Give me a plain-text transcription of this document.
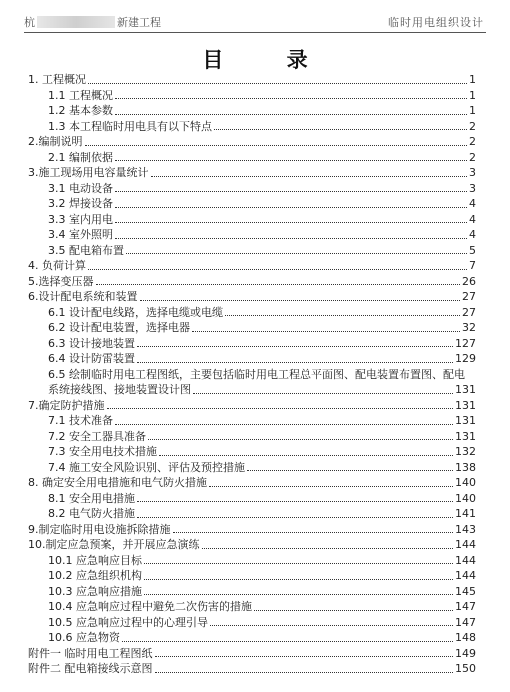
杭	新建工程	临时用电组织设计
目 录
1. 工程概况	1
1.1 工程概况	1
1.2 基本参数	1
1.3 本工程临时用电具有以下特点	2
2.编制说明	2
2.1 编制依据	2
3.施工现场用电容量统计	3
3.1 电动设备	3
3.2 焊接设备	4
3.3 室内用电	4
3.4 室外照明	4
3.5 配电箱布置	5
4. 负荷计算	7
5.选择变压器	26
6.设计配电系统和装置	27
6.1 设计配电线路，选择电缆或电缆	27
6.2 设计配电装置，选择电器	32
6.3 设计接地装置	127
6.4 设计防雷装置	129
6.5 绘制临时用电工程图纸，主要包括临时用电工程总平面图、配电装置布置图、配电
系统接线图、接地装置设计图	131
7.确定防护措施	131
7.1 技术准备	131
7.2 安全工器具准备	131
7.3 安全用电技术措施	132
7.4 施工安全风险识别、评估及预控措施	138
8. 确定安全用电措施和电气防火措施	140
8.1 安全用电措施	140
8.2 电气防火措施	141
9.制定临时用电设施拆除措施	143
10.制定应急预案，并开展应急演练	144
10.1 应急响应目标	144
10.2 应急组织机构	144
10.3 应急响应措施	145
10.4 应急响应过程中避免二次伤害的措施	147
10.5 应急响应过程中的心理引导	147
10.6 应急物资	148
附件一 临时用电工程图纸	149
附件二 配电箱接线示意图	150
